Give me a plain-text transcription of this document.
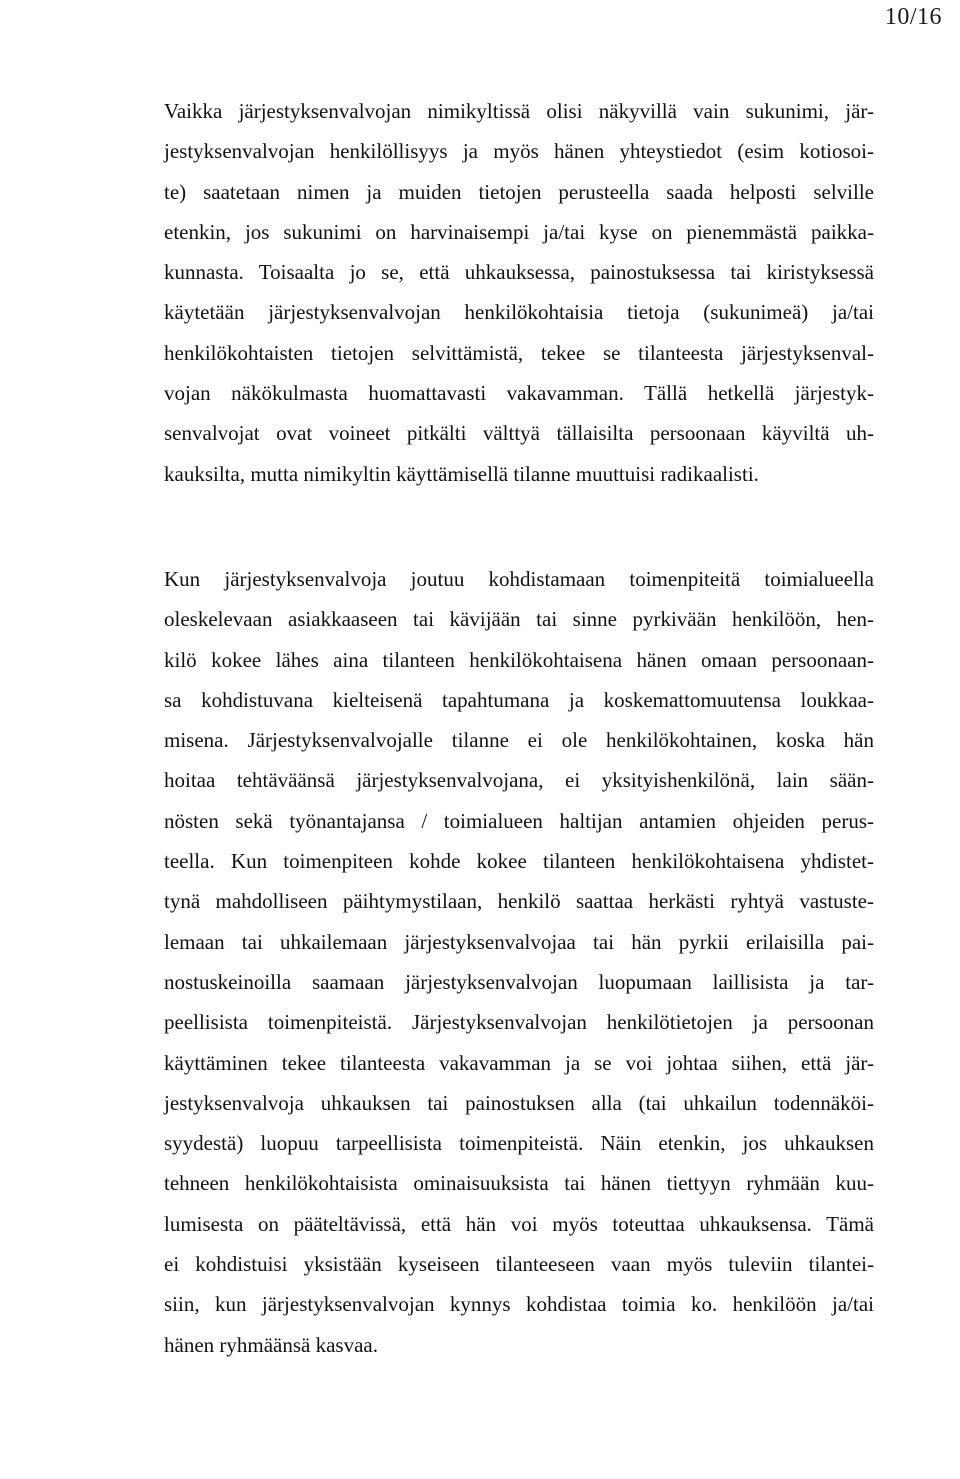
10/16
Vaikka järjestyksenvalvojan nimikyltissä olisi näkyvillä vain sukunimi, jär-
jestyksenvalvojan henkilöllisyys ja myös hänen yhteystiedot (esim kotiosoi-
te) saatetaan nimen ja muiden tietojen perusteella saada helposti selville
etenkin, jos sukunimi on harvinaisempi ja/tai kyse on pienemmästä paikka-
kunnasta. Toisaalta jo se, että uhkauksessa, painostuksessa tai kiristyksessä
käytetään järjestyksenvalvojan henkilökohtaisia tietoja (sukunimeä) ja/tai
henkilökohtaisten tietojen selvittämistä, tekee se tilanteesta järjestyksenval-
vojan näkökulmasta huomattavasti vakavamman. Tällä hetkellä järjestyk-
senvalvojat ovat voineet pitkälti välttyä tällaisilta persoonaan käyviltä uh-
kauksilta, mutta nimikyltin käyttämisellä tilanne muuttuisi radikaalisti.
Kun järjestyksenvalvoja joutuu kohdistamaan toimenpiteitä toimialueella
oleskelevaan asiakkaaseen tai kävijään tai sinne pyrkivään henkilöön, hen-
kilö kokee lähes aina tilanteen henkilökohtaisena hänen omaan persoonaan-
sa kohdistuvana kielteisenä tapahtumana ja koskemattomuutensa loukkaa-
misena. Järjestyksenvalvojalle tilanne ei ole henkilökohtainen, koska hän
hoitaa tehtäväänsä järjestyksenvalvojana, ei yksityishenkilönä, lain sään-
nösten sekä työnantajansa / toimialueen haltijan antamien ohjeiden perus-
teella. Kun toimenpiteen kohde kokee tilanteen henkilökohtaisena yhdistet-
tynä mahdolliseen päihtymystilaan, henkilö saattaa herkästi ryhtyä vastuste-
lemaan tai uhkailemaan järjestyksenvalvojaa tai hän pyrkii erilaisilla pai-
nostuskeinoilla saamaan järjestyksenvalvojan luopumaan laillisista ja tar-
peellisista toimenpiteistä. Järjestyksenvalvojan henkilötietojen ja persoonan
käyttäminen tekee tilanteesta vakavamman ja se voi johtaa siihen, että jär-
jestyksenvalvoja uhkauksen tai painostuksen alla (tai uhkailun todennäköi-
syydestä) luopuu tarpeellisista toimenpiteistä. Näin etenkin, jos uhkauksen
tehneen henkilökohtaisista ominaisuuksista tai hänen tiettyyn ryhmään kuu-
lumisesta on pääteltävissä, että hän voi myös toteuttaa uhkauksensa. Tämä
ei kohdistuisi yksistään kyseiseen tilanteeseen vaan myös tuleviin tilantei-
siin, kun järjestyksenvalvojan kynnys kohdistaa toimia ko. henkilöön ja/tai
hänen ryhmäänsä kasvaa.
